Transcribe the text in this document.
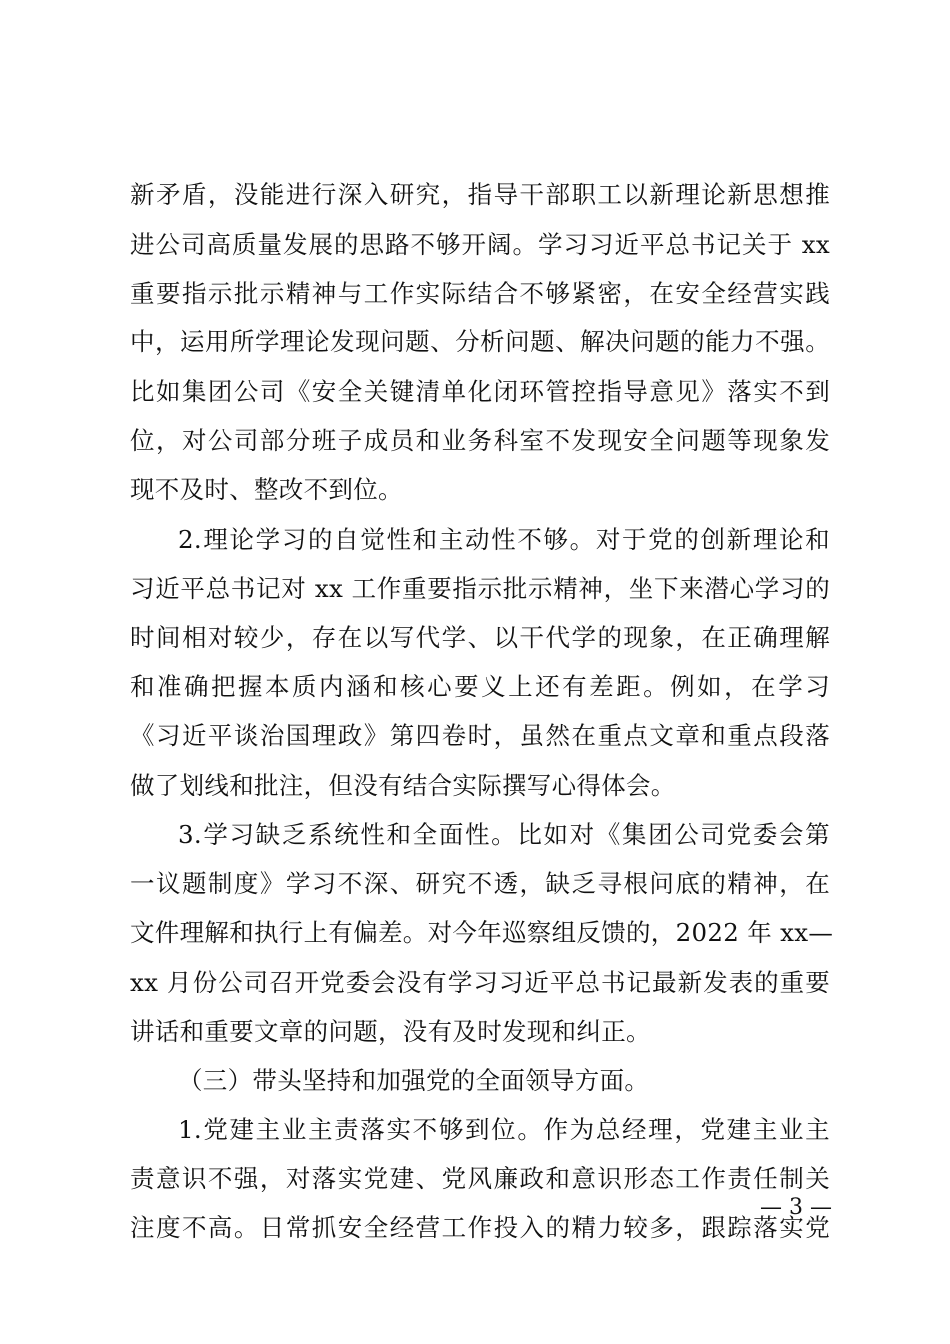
新矛盾，没能进行深入研究，指导干部职工以新理论新思想推
进公司高质量发展的思路不够开阔。学习习近平总书记关于 xx
重要指示批示精神与工作实际结合不够紧密，在安全经营实践
中，运用所学理论发现问题、分析问题、解决问题的能力不强。
比如集团公司《安全关键清单化闭环管控指导意见》落实不到
位，对公司部分班子成员和业务科室不发现安全问题等现象发
现不及时、整改不到位。
2.理论学习的自觉性和主动性不够。对于党的创新理论和
习近平总书记对 xx 工作重要指示批示精神，坐下来潜心学习的
时间相对较少，存在以写代学、以干代学的现象，在正确理解
和准确把握本质内涵和核心要义上还有差距。例如，在学习
《习近平谈治国理政》第四卷时，虽然在重点文章和重点段落
做了划线和批注，但没有结合实际撰写心得体会。
3.学习缺乏系统性和全面性。比如对《集团公司党委会第
一议题制度》学习不深、研究不透，缺乏寻根问底的精神，在
文件理解和执行上有偏差。对今年巡察组反馈的，2022 年 xx—
xx 月份公司召开党委会没有学习习近平总书记最新发表的重要
讲话和重要文章的问题，没有及时发现和纠正。
（三）带头坚持和加强党的全面领导方面。
1.党建主业主责落实不够到位。作为总经理，党建主业主
责意识不强，对落实党建、党风廉政和意识形态工作责任制关
注度不高。日常抓安全经营工作投入的精力较多，跟踪落实党
— 3 —
